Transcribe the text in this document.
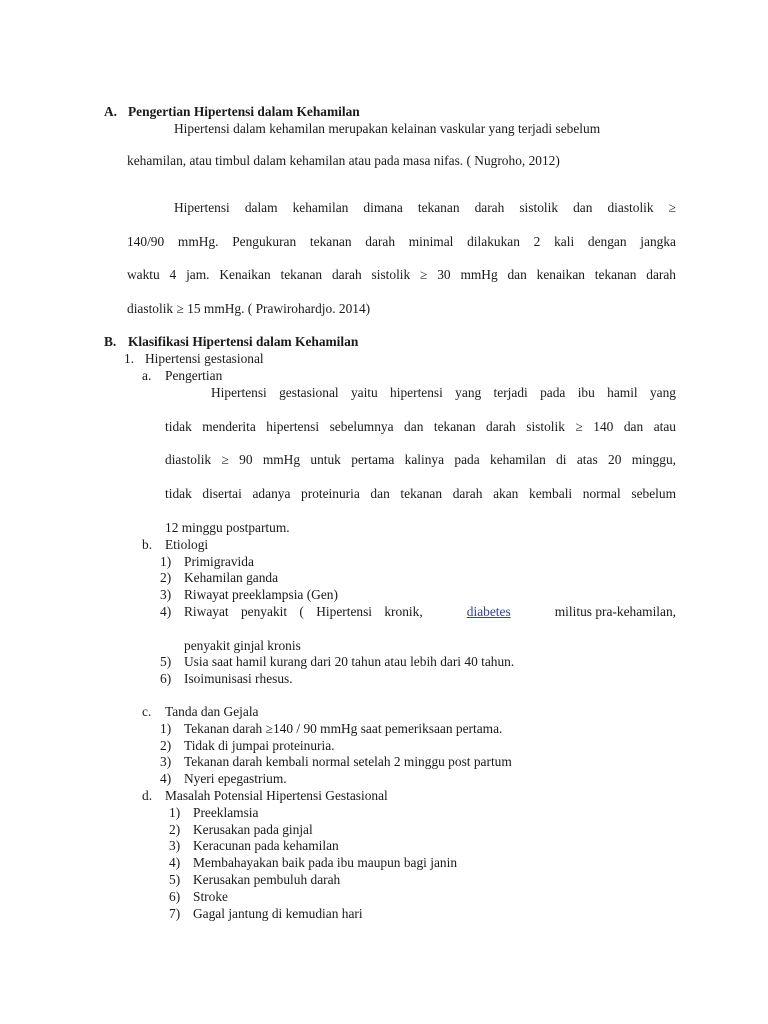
A. Pengertian Hipertensi dalam Kehamilan
Hipertensi dalam kehamilan merupakan kelainan vaskular yang terjadi sebelum
kehamilan, atau timbul dalam kehamilan atau pada masa nifas. ( Nugroho, 2012)
Hipertensi dalam kehamilan dimana tekanan darah sistolik dan diastolik ≥
140/90 mmHg. Pengukuran tekanan darah minimal dilakukan 2 kali dengan jangka
waktu 4 jam. Kenaikan tekanan darah sistolik ≥ 30 mmHg dan kenaikan tekanan darah
diastolik ≥ 15 mmHg. ( Prawirohardjo. 2014)
B. Klasifikasi Hipertensi dalam Kehamilan
1. Hipertensi gestasional
a. Pengertian
Hipertensi gestasional yaitu hipertensi yang terjadi pada ibu hamil yang
tidak menderita hipertensi sebelumnya dan tekanan darah sistolik ≥ 140 dan atau
diastolik ≥ 90 mmHg untuk pertama kalinya pada kehamilan di atas 20 minggu,
tidak disertai adanya proteinuria dan tekanan darah akan kembali normal sebelum
12 minggu postpartum.
b. Etiologi
1) Primigravida
2) Kehamilan ganda
3) Riwayat preeklampsia (Gen)
4) Riwayat penyakit ( Hipertensi kronik,	diabetes	militus pra-kehamilan,
penyakit ginjal kronis
5) Usia saat hamil kurang dari 20 tahun atau lebih dari 40 tahun.
6) Isoimunisasi rhesus.
c. Tanda dan Gejala
1) Tekanan darah ≥140 / 90 mmHg saat pemeriksaan pertama.
2) Tidak di jumpai proteinuria.
3) Tekanan darah kembali normal setelah 2 minggu post partum
4) Nyeri epegastrium.
d. Masalah Potensial Hipertensi Gestasional
1) Preeklamsia
2) Kerusakan pada ginjal
3) Keracunan pada kehamilan
4) Membahayakan baik pada ibu maupun bagi janin
5) Kerusakan pembuluh darah
6) Stroke
7) Gagal jantung di kemudian hari
